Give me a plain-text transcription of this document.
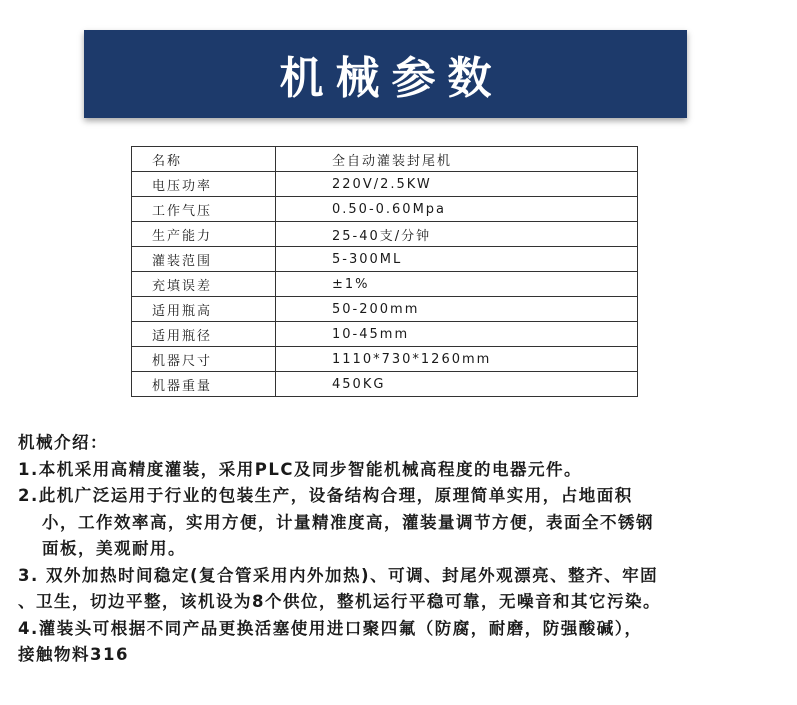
机械参数
名称	全自动灌装封尾机
电压功率	220V/2.5KW
工作气压	0.50-0.60Mpa
生产能力	25-40支/分钟
灌装范围	5-300ML
充填误差	±1%
适用瓶高	50-200mm
适用瓶径	10-45mm
机器尺寸	1110*730*1260mm
机器重量	450KG
机械介绍：
1.本机采用高精度灌装，采用PLC及同步智能机械高程度的电器元件。
2.此机广泛运用于行业的包装生产，设备结构合理，原理简单实用，占地面积
小，工作效率高，实用方便，计量精准度高，灌装量调节方便，表面全不锈钢
面板，美观耐用。
3. 双外加热时间稳定(复合管采用内外加热)、可调、封尾外观漂亮、整齐、牢固
、卫生，切边平整，该机设为8个供位，整机运行平稳可靠，无噪音和其它污染。
4.灌装头可根据不同产品更换活塞使用进口聚四氟（防腐，耐磨，防强酸碱），
接触物料316
